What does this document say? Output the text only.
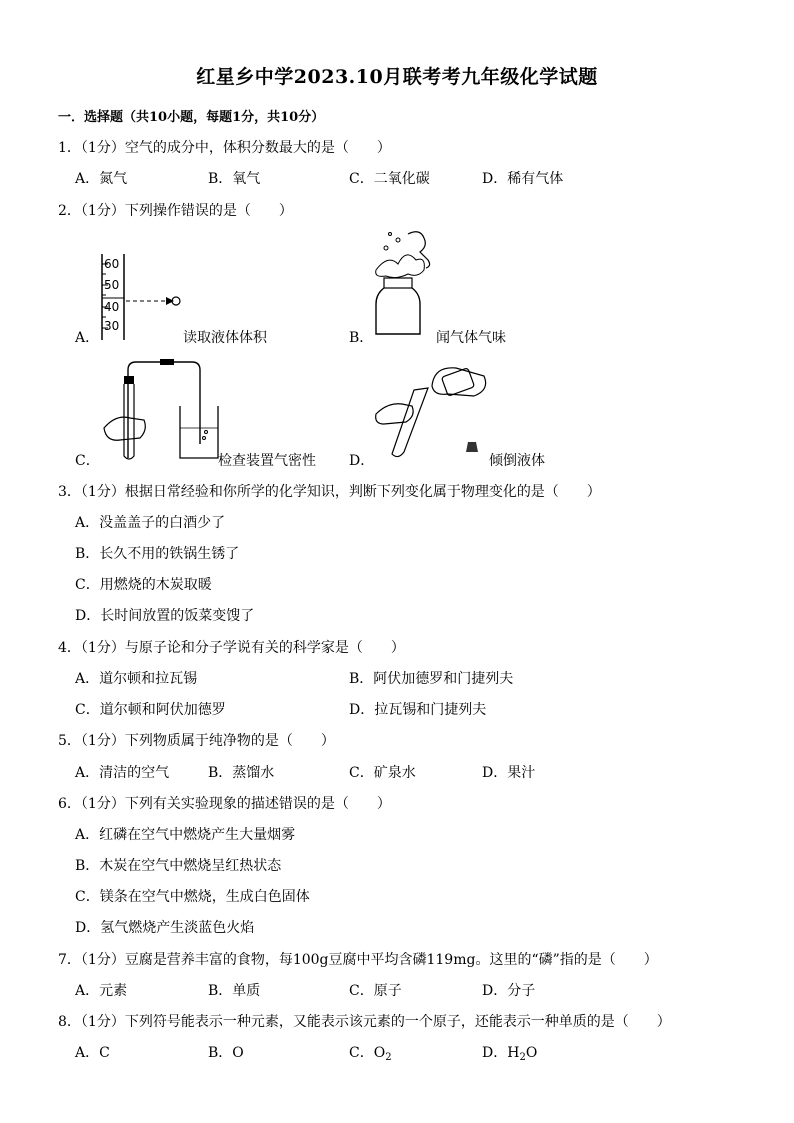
红星乡中学2023.10月联考考九年级化学试题
一．选择题（共10小题，每题1分，共10分）
1．（1分）空气的成分中，体积分数最大的是（　　）
A．氮气	B．氧气	C．二氧化碳	D．稀有气体
2．（1分）下列操作错误的是（　　）
A．
60
50
40
30
读取液体体积	B．	闻气体气味
C．	检查装置气密性 D．	倾倒液体
3．（1分）根据日常经验和你所学的化学知识，判断下列变化属于物理变化的是（　　）
A．没盖盖子的白酒少了
B．长久不用的铁锅生锈了
C．用燃烧的木炭取暖
D．长时间放置的饭菜变馊了
4．（1分）与原子论和分子学说有关的科学家是（　　）
A．道尔顿和拉瓦锡	B．阿伏加德罗和门捷列夫
C．道尔顿和阿伏加德罗	D．拉瓦锡和门捷列夫
5．（1分）下列物质属于纯净物的是（　　）
A．清洁的空气	B．蒸馏水	C．矿泉水	D．果汁
6．（1分）下列有关实验现象的描述错误的是（　　）
A．红磷在空气中燃烧产生大量烟雾
B．木炭在空气中燃烧呈红热状态
C．镁条在空气中燃烧，生成白色固体
D．氢气燃烧产生淡蓝色火焰
7．（1分）豆腐是营养丰富的食物，每100g豆腐中平均含磷119mg。这里的“磷”指的是（　　）
A．元素	B．单质	C．原子	D．分子
8．（1分）下列符号能表示一种元素，又能表示该元素的一个原子，还能表示一种单质的是（　　）
A．C	B．O	C．$O_2$	D．$H_2O$
